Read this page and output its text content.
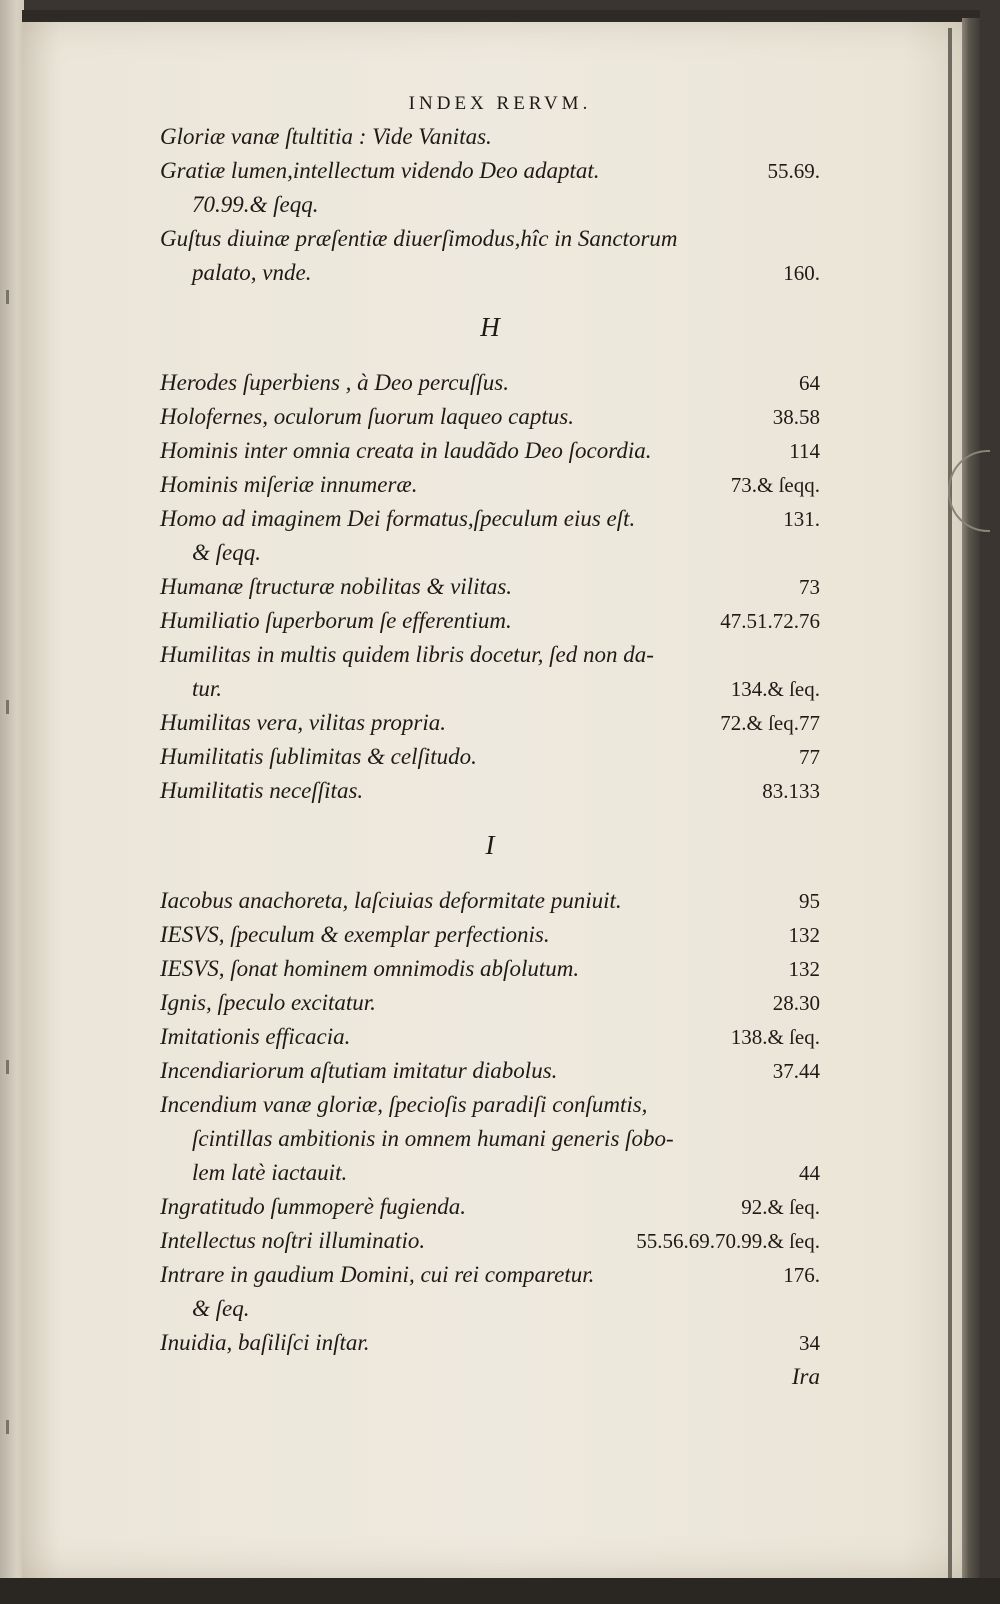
INDEX RERVM.
Gloriæ vanæ ſtultitia : Vide Vanitas.
Gratiæ lumen,intellectum videndo Deo adaptat.	55.69.
70.99.& ſeqq.
Guſtus diuinæ præſentiæ diuerſimodus,hîc in Sanctorum
palato, vnde.	160.
H
Herodes ſuperbiens , à Deo percuſſus.	64
Holofernes, oculorum ſuorum laqueo captus.	38.58
Hominis inter omnia creata in laudãdo Deo ſocordia.	114
Hominis miſeriæ innumeræ.	73.& ſeqq.
Homo ad imaginem Dei formatus,ſpeculum eius eſt.	131.
& ſeqq.
Humanæ ſtructuræ nobilitas & vilitas.	73
Humiliatio ſuperborum ſe efferentium.	47.51.72.76
Humilitas in multis quidem libris docetur, ſed non da-
tur.	134.& ſeq.
Humilitas vera, vilitas propria.	72.& ſeq.77
Humilitatis ſublimitas & celſitudo.	77
Humilitatis neceſſitas.	83.133
I
Iacobus anachoreta, laſciuias deformitate puniuit.	95
IESVS, ſpeculum & exemplar perfectionis.	132
IESVS, ſonat hominem omnimodis abſolutum.	132
Ignis, ſpeculo excitatur.	28.30
Imitationis efficacia.	138.& ſeq.
Incendiariorum aſtutiam imitatur diabolus.	37.44
Incendium vanæ gloriæ, ſpecioſis paradiſi conſumtis,
ſcintillas ambitionis in omnem humani generis ſobo-
lem latè iactauit.	44
Ingratitudo ſummoperè fugienda.	92.& ſeq.
Intellectus noſtri illuminatio.	55.56.69.70.99.& ſeq.
Intrare in gaudium Domini, cui rei comparetur.	176.
& ſeq.
Inuidia, baſiliſci inſtar.	34
Ira
